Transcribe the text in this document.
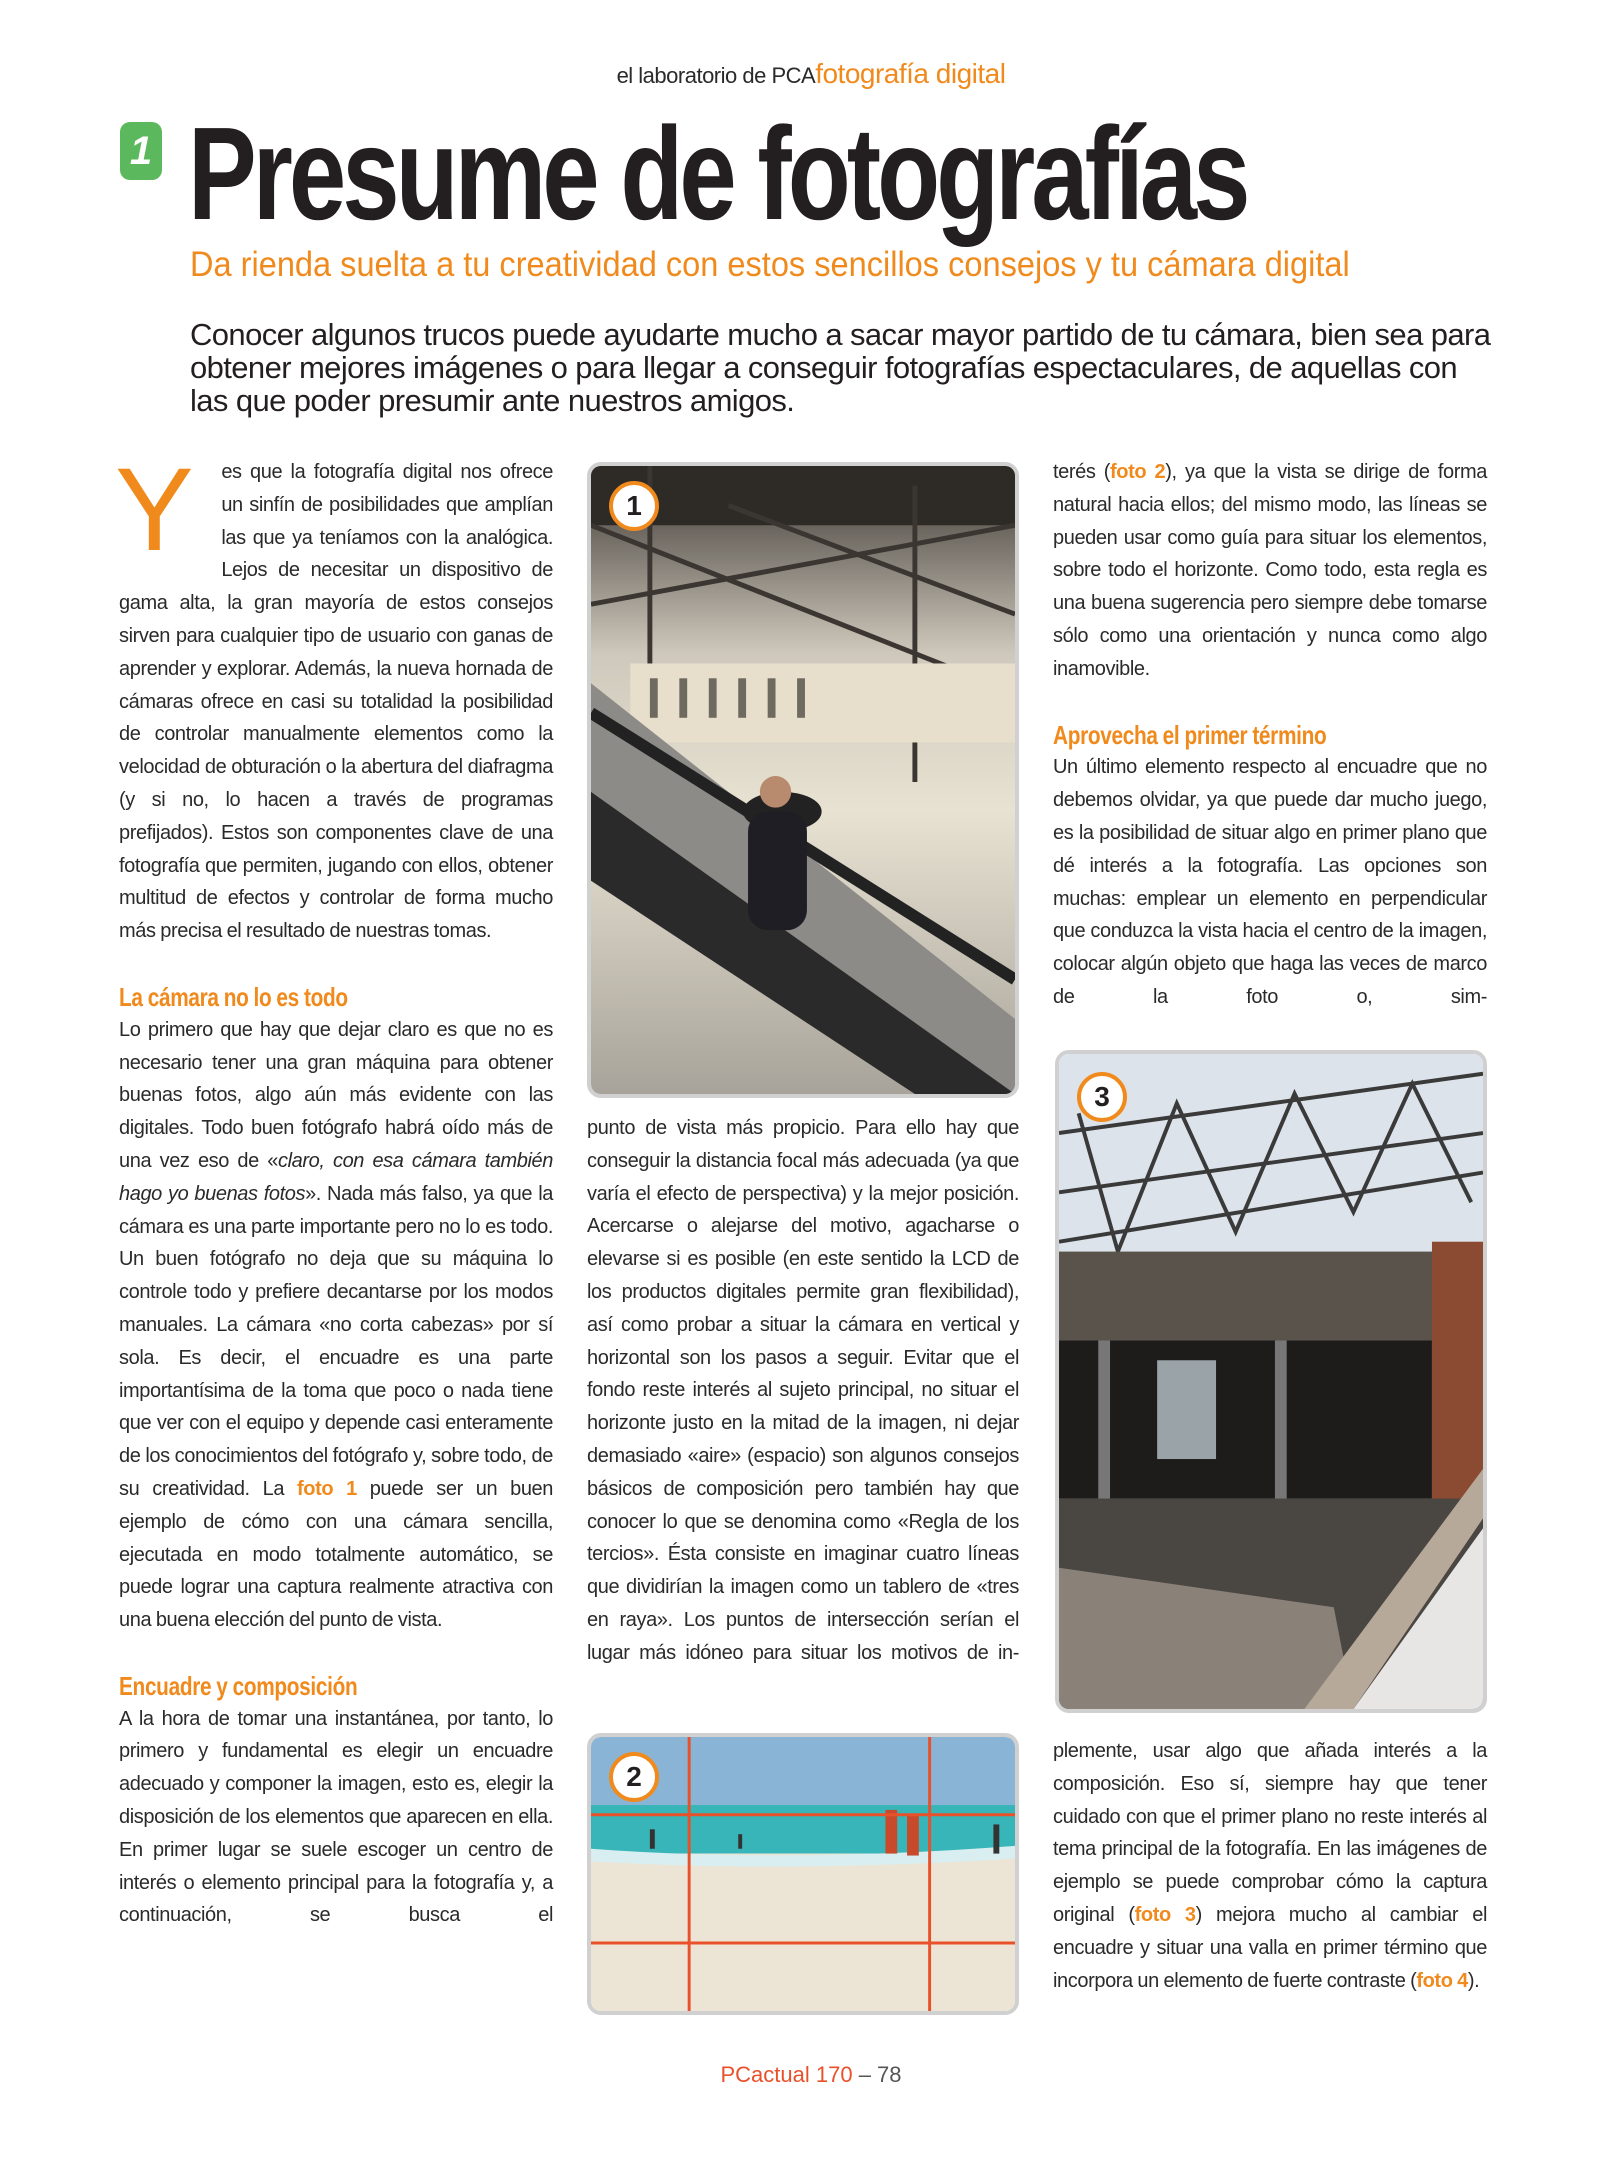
el laboratorio de PCAfotografía digital
1 Presume de fotografías
Da rienda suelta a tu creatividad con estos sencillos consejos y tu cámara digital
Conocer algunos trucos puede ayudarte mucho a sacar mayor partido de tu cámara, bien sea para obtener mejores imágenes o para llegar a conseguir fotografías espectaculares, de aquellas con las que poder presumir ante nuestros amigos.

Y es que la fotografía digital nos ofrece un sinfín de posibilidades que amplían las que ya teníamos con la analógica. Lejos de necesitar un dispositivo de gama alta, la gran mayoría de estos consejos sirven para cualquier tipo de usuario con ganas de aprender y explorar. Además, la nueva hornada de cámaras ofrece en casi su totalidad la posibilidad de controlar manualmente elementos como la velocidad de obturación o la abertura del diafragma (y si no, lo hacen a través de programas prefijados). Estos son componentes clave de una fotografía que permiten, jugando con ellos, obtener multitud de efectos y controlar de forma mucho más precisa el resultado de nuestras tomas.

La cámara no lo es todo

Lo primero que hay que dejar claro es que no es necesario tener una gran máquina para obtener buenas fotos, algo aún más evidente con las digitales. Todo buen fotógrafo habrá oído más de una vez eso de «claro, con esa cámara también hago yo buenas fotos». Nada más falso, ya que la cámara es una parte importante pero no lo es todo. Un buen fotógrafo no deja que su máquina lo controle todo y prefiere decantarse por los modos manuales. La cámara «no corta cabezas» por sí sola. Es decir, el encuadre es una parte importantísima de la toma que poco o nada tiene que ver con el equipo y depende casi enteramente de los conocimientos del fotógrafo y, sobre todo, de su creatividad. La foto 1 puede ser un buen ejemplo de cómo con una cámara sencilla, ejecutada en modo totalmente automático, se puede lograr una captura realmente atractiva con una buena elección del punto de vista.

Encuadre y composición

A la hora de tomar una instantánea, por tanto, lo primero y fundamental es elegir un encuadre adecuado y componer la imagen, esto es, elegir la disposición de los elementos que aparecen en ella. En primer lugar se suele escoger un centro de interés o elemento principal para la fotografía y, a continuación, se busca el

1

punto de vista más propicio. Para ello hay que conseguir la distancia focal más adecuada (ya que varía el efecto de perspectiva) y la mejor posición. Acercarse o alejarse del motivo, agacharse o elevarse si es posible (en este sentido la LCD de los productos digitales permite gran flexibilidad), así como probar a situar la cámara en vertical y horizontal son los pasos a seguir. Evitar que el fondo reste interés al sujeto principal, no situar el horizonte justo en la mitad de la imagen, ni dejar demasiado «aire» (espacio) son algunos consejos básicos de composición pero también hay que conocer lo que se denomina como «Regla de los tercios». Ésta consiste en imaginar cuatro líneas que dividirían la imagen como un tablero de «tres en raya». Los puntos de intersección serían el lugar más idóneo para situar los motivos de in-

2

terés (foto 2), ya que la vista se dirige de forma natural hacia ellos; del mismo modo, las líneas se pueden usar como guía para situar los elementos, sobre todo el horizonte. Como todo, esta regla es una buena sugerencia pero siempre debe tomarse sólo como una orientación y nunca como algo inamovible.

Aprovecha el primer término

Un último elemento respecto al encuadre que no debemos olvidar, ya que puede dar mucho juego, es la posibilidad de situar algo en primer plano que dé interés a la fotografía. Las opciones son muchas: emplear un elemento en perpendicular que conduzca la vista hacia el centro de la imagen, colocar algún objeto que haga las veces de marco de la foto o, sim-

3

plemente, usar algo que añada interés a la composición. Eso sí, siempre hay que tener cuidado con que el primer plano no reste interés al tema principal de la fotografía. En las imágenes de ejemplo se puede comprobar cómo la captura original (foto 3) mejora mucho al cambiar el encuadre y situar una valla en primer término que incorpora un elemento de fuerte contraste (foto 4).

PCactual 170 – 78
